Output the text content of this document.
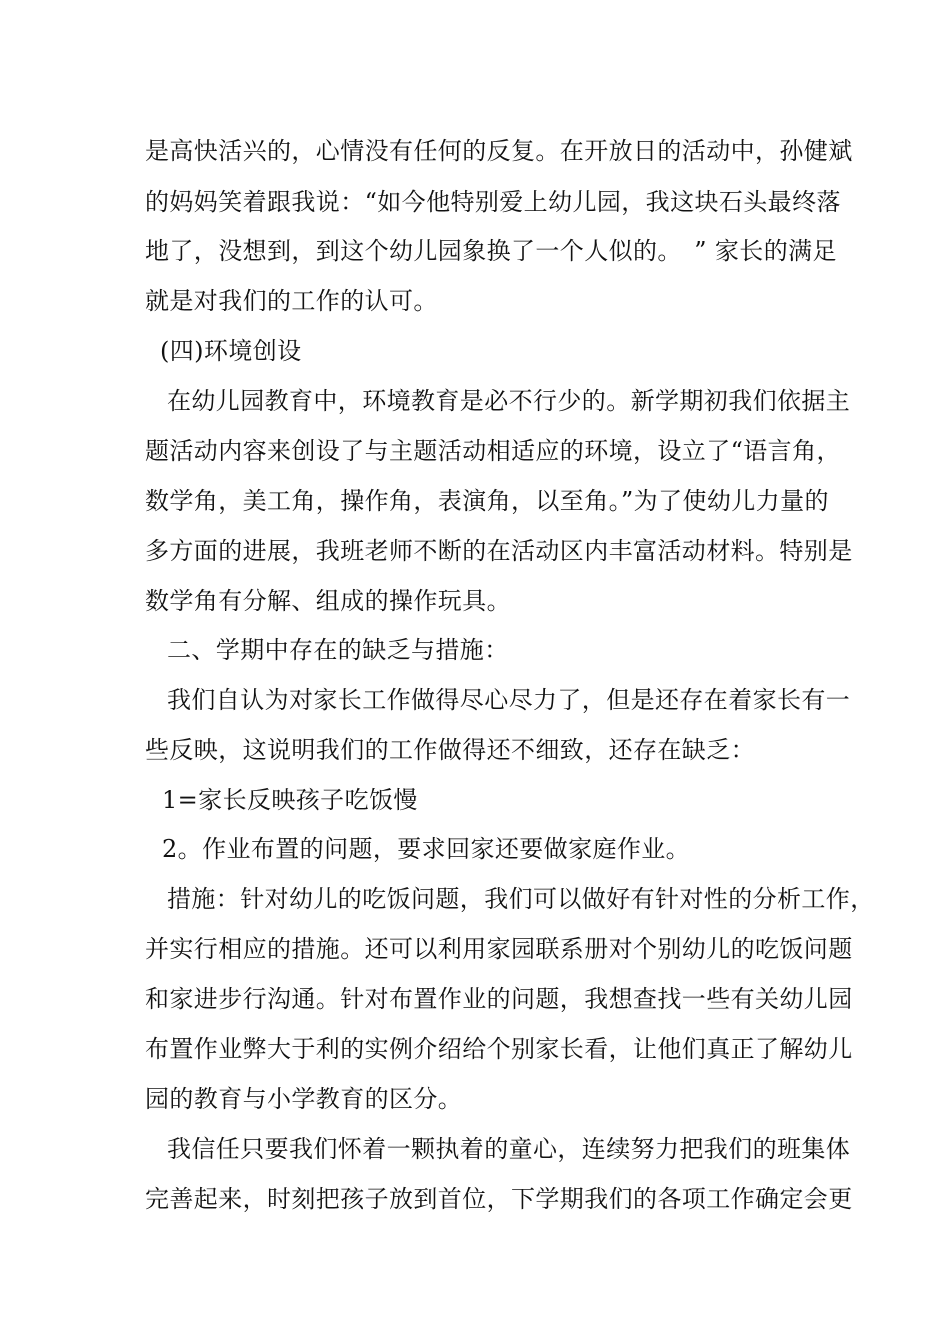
是高快活兴的，心情没有任何的反复。在开放日的活动中，孙健斌
的妈妈笑着跟我说：“如今他特别爱上幼儿园，我这块石头最终落
地了，没想到，到这个幼儿园象换了一个人似的。　” 家长的满足
就是对我们的工作的认可。
(四)环境创设
在幼儿园教育中，环境教育是必不行少的。新学期初我们依据主
题活动内容来创设了与主题活动相适应的环境，设立了“语言角，
数学角，美工角，操作角，表演角，以至角。”为了使幼儿力量的
多方面的进展，我班老师不断的在活动区内丰富活动材料。特别是
数学角有分解、组成的操作玩具。
二、学期中存在的缺乏与措施：
我们自认为对家长工作做得尽心尽力了，但是还存在着家长有一
些反映，这说明我们的工作做得还不细致，还存在缺乏：
1=家长反映孩子吃饭慢
2。作业布置的问题，要求回家还要做家庭作业。
措施：针对幼儿的吃饭问题，我们可以做好有针对性的分析工作，
并实行相应的措施。还可以利用家园联系册对个别幼儿的吃饭问题
和家进步行沟通。针对布置作业的问题，我想查找一些有关幼儿园
布置作业弊大于利的实例介绍给个别家长看，让他们真正了解幼儿
园的教育与小学教育的区分。
我信任只要我们怀着一颗执着的童心，连续努力把我们的班集体
完善起来，时刻把孩子放到首位，下学期我们的各项工作确定会更
